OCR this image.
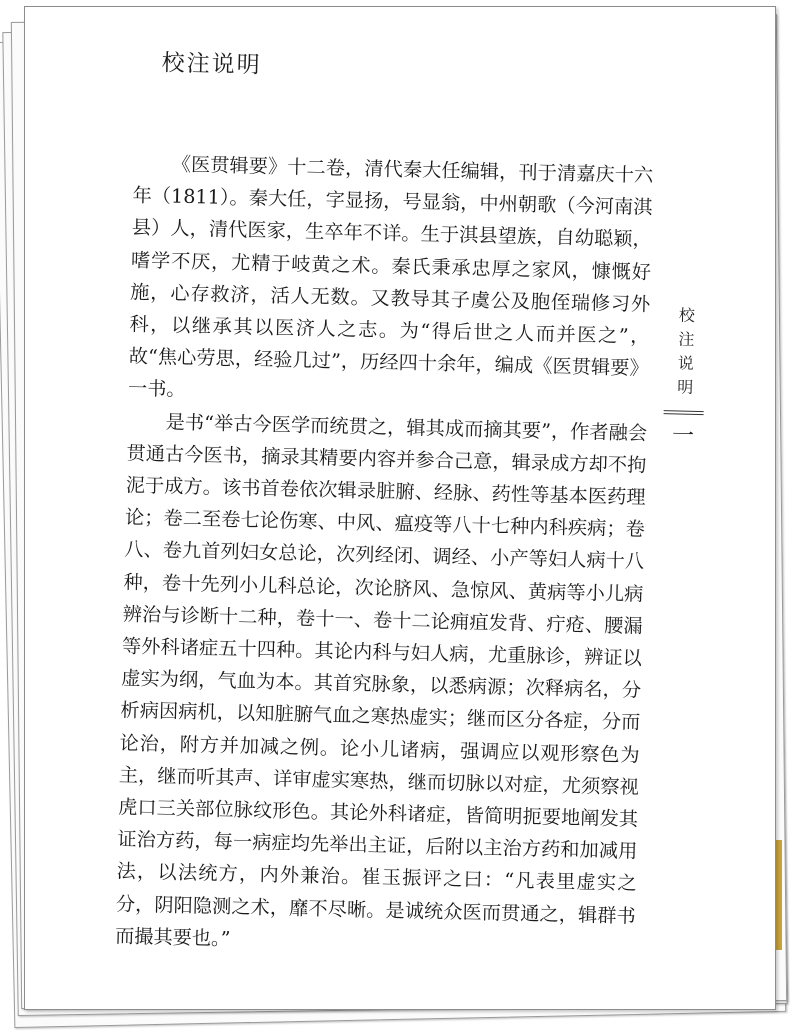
校注说明

《医贯辑要》十二卷，清代秦大任编辑，刊于清嘉庆十六年（1811）。秦大任，字显扬，号显翁，中州朝歌（今河南淇县）人，清代医家，生卒年不详。生于淇县望族，自幼聪颖，嗜学不厌，尤精于岐黄之术。秦氏秉承忠厚之家风，慷慨好施，心存救济，活人无数。又教导其子虞公及胞侄瑞修习外科，以继承其以医济人之志。为“得后世之人而并医之”，故“焦心劳思，经验几过”，历经四十余年，编成《医贯辑要》一书。

是书“举古今医学而统贯之，辑其成而摘其要”，作者融会贯通古今医书，摘录其精要内容并参合己意，辑录成方却不拘泥于成方。该书首卷依次辑录脏腑、经脉、药性等基本医药理论；卷二至卷七论伤寒、中风、瘟疫等八十七种内科疾病；卷八、卷九首列妇女总论，次列经闭、调经、小产等妇人病十八种，卷十先列小儿科总论，次论脐风、急惊风、黄病等小儿病辨治与诊断十二种，卷十一、卷十二论痈疽发背、疔疮、腰漏等外科诸症五十四种。其论内科与妇人病，尤重脉诊，辨证以虚实为纲，气血为本。其首究脉象，以悉病源；次释病名，分析病因病机，以知脏腑气血之寒热虚实；继而区分各症，分而论治，附方并加减之例。论小儿诸病，强调应以观形察色为主，继而听其声、详审虚实寒热，继而切脉以对症，尤须察视虎口三关部位脉纹形色。其论外科诸症，皆简明扼要地阐发其证治方药，每一病症均先举出主证，后附以主治方药和加减用法，以法统方，内外兼治。崔玉振评之曰：“凡表里虚实之分，阴阳隐测之术，靡不尽晰。是诚统众医而贯通之，辑群书而撮其要也。”

校注说明
一
